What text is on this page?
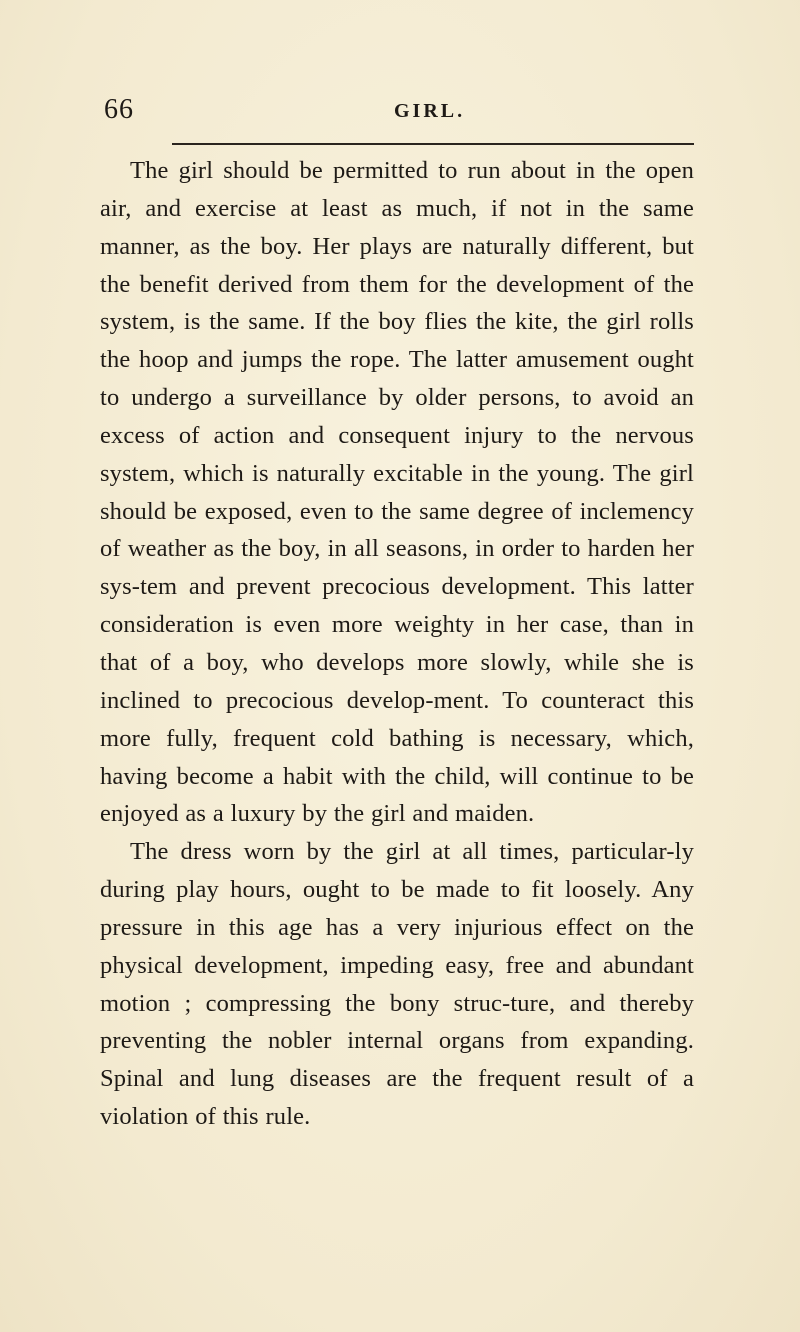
66	GIRL.

The girl should be permitted to run about in the open air, and exercise at least as much, if not in the same manner, as the boy. Her plays are naturally different, but the benefit derived from them for the development of the system, is the same. If the boy flies the kite, the girl rolls the hoop and jumps the rope. The latter amusement ought to undergo a surveillance by older persons, to avoid an excess of action and consequent injury to the nervous system, which is naturally excitable in the young. The girl should be exposed, even to the same degree of inclemency of weather as the boy, in all seasons, in order to harden her sys-tem and prevent precocious development. This latter consideration is even more weighty in her case, than in that of a boy, who develops more slowly, while she is inclined to precocious develop-ment. To counteract this more fully, frequent cold bathing is necessary, which, having become a habit with the child, will continue to be enjoyed as a luxury by the girl and maiden.

The dress worn by the girl at all times, particular-ly during play hours, ought to be made to fit loosely. Any pressure in this age has a very injurious effect on the physical development, impeding easy, free and abundant motion ; compressing the bony struc-ture, and thereby preventing the nobler internal organs from expanding. Spinal and lung diseases are the frequent result of a violation of this rule.
